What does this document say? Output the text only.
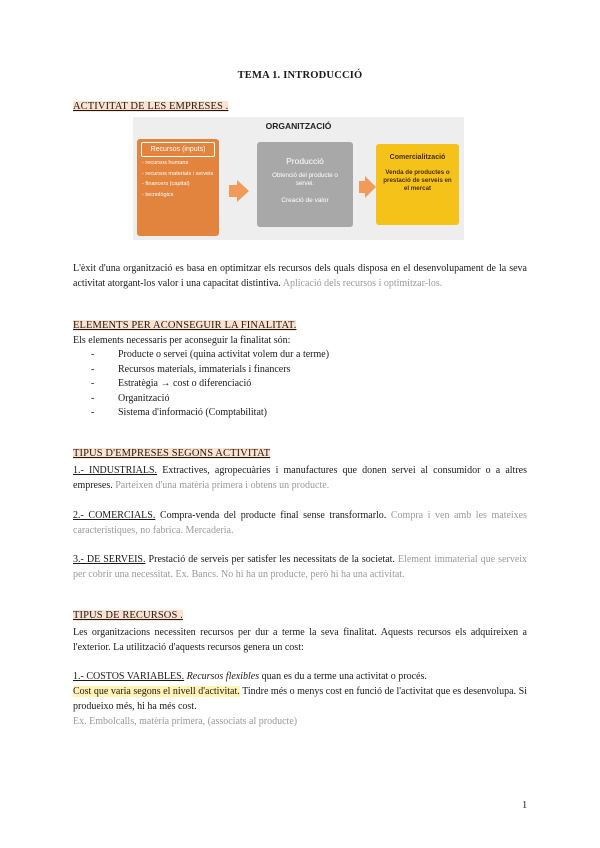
TEMA 1. INTRODUCCIÓ
ACTIVITAT DE LES EMPRESES .
ORGANITZACIÓ
Recursos (inputs)
- recursos humans
- recursos materials i serveis
- financers (capital)
- tecnològics
Producció
Obtenció del producte o servei.
Creació de valor
Comercialització
Venda de productes o prestació de serveis en el mercat
L'èxit d'una organització es basa en optimitzar els recursos dels quals disposa en el desenvolupament de la seva activitat atorgant-los valor i una capacitat distintiva. Aplicació dels recursos i optimitzar-los.
ELEMENTS PER ACONSEGUIR LA FINALITAT.
Els elements necessaris per aconseguir la finalitat són:
- Producte o servei (quina activitat volem dur a terme)
- Recursos materials, immaterials i financers
- Estratègia → cost o diferenciació
- Organització
- Sistema d'informació (Comptabilitat)
TIPUS D'EMPRESES SEGONS ACTIVITAT
1.- INDUSTRIALS. Extractives, agropecuàries i manufactures que donen servei al consumidor o a altres empreses. Parteixen d'una matèria primera i obtens un producte.
2.- COMERCIALS. Compra-venda del producte final sense transformarlo. Compra i ven amb les mateixes característiques, no fabrica. Mercaderia.
3.- DE SERVEIS. Prestació de serveis per satisfer les necessitats de la societat. Element immaterial que serveix per cobrir una necessitat. Ex. Bancs. No hi ha un producte, però hi ha una activitat.
TIPUS DE RECURSOS .
Les organitzacions necessiten recursos per dur a terme la seva finalitat. Aquests recursos els adquireixen a l'exterior. La utilització d'aquests recursos genera un cost:
1.- COSTOS VARIABLES. Recursos flexibles quan es du a terme una activitat o procés.
Cost que varia segons el nivell d'activitat. Tindre més o menys cost en funció de l'activitat que es desenvolupa. Si produeixo més, hi ha més cost.
Ex. Embolcalls, matèria primera, (associats al producte)
1
